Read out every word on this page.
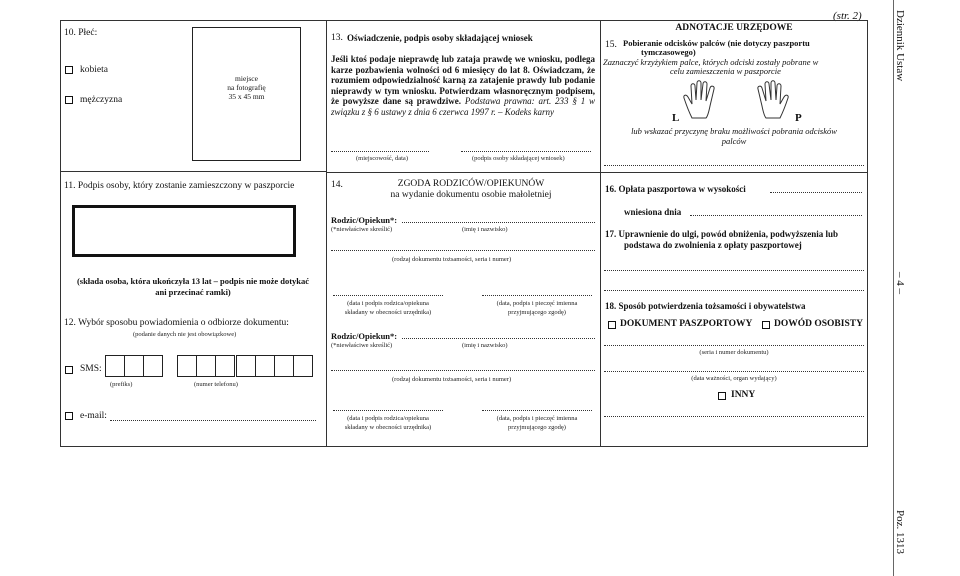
(str. 2)	Dziennik Ustaw
– 4 –
Poz. 1313
10. Płeć:
kobieta
mężczyzna
miejsce
na fotografię
35 x 45 mm
11. Podpis osoby, który zostanie zamieszczony w paszporcie
(składa osoba, która ukończyła 13 lat – podpis nie może dotykać
ani przecinać ramki)
12. Wybór sposobu powiadomienia o odbiorze dokumentu:
(podanie danych nie jest obowiązkowe)
SMS:
(prefiks)	(numer telefonu)
e-mail:
13. Oświadczenie, podpis osoby składającej wniosek
Jeśli ktoś podaje nieprawdę lub zataja prawdę we wniosku, podlega karze pozbawienia wolności od 6 miesięcy do lat 8. Oświadczam, że rozumiem odpowiedzialność karną za zatajenie prawdy lub podanie nieprawdy w tym wniosku. Potwierdzam własnoręcznym podpisem, że powyższe dane są prawdziwe. Podstawa prawna: art. 233 § 1 w związku z § 6 ustawy z dnia 6 czerwca 1997 r. – Kodeks karny
(miejscowość, data)	(podpis osoby składającej wniosek)
14.	ZGODA RODZICÓW/OPIEKUNÓW
na wydanie dokumentu osobie małoletniej
Rodzic/Opiekun*:
(*niewłaściwe skreślić)	(imię i nazwisko)
(rodzaj dokumentu tożsamości, seria i numer)
(data i podpis rodzica/opiekuna
składany w obecności urzędnika)
(data, podpis i pieczęć imienna
przyjmującego zgodę)
Rodzic/Opiekun*:
(*niewłaściwe skreślić)	(imię i nazwisko)
(rodzaj dokumentu tożsamości, seria i numer)
(data i podpis rodzica/opiekuna
składany w obecności urzędnika)
(data, podpis i pieczęć imienna
przyjmującego zgodę)
ADNOTACJE URZĘDOWE
15. Pobieranie odcisków palców (nie dotyczy paszportu
tymczasowego)
Zaznaczyć krzyżykiem palce, których odciski zostały pobrane w
celu zamieszczenia w paszporcie
L	P
lub wskazać przyczynę braku możliwości pobrania odcisków
palców
16. Opłata paszportowa w wysokości
wniesiona dnia
17. Uprawnienie do ulgi, powód obniżenia, podwyższenia lub
podstawa do zwolnienia z opłaty paszportowej
18. Sposób potwierdzenia tożsamości i obywatelstwa
DOKUMENT PASZPORTOWY DOWÓD OSOBISTY
(seria i numer dokumentu)
(data ważności, organ wydający)
INNY
